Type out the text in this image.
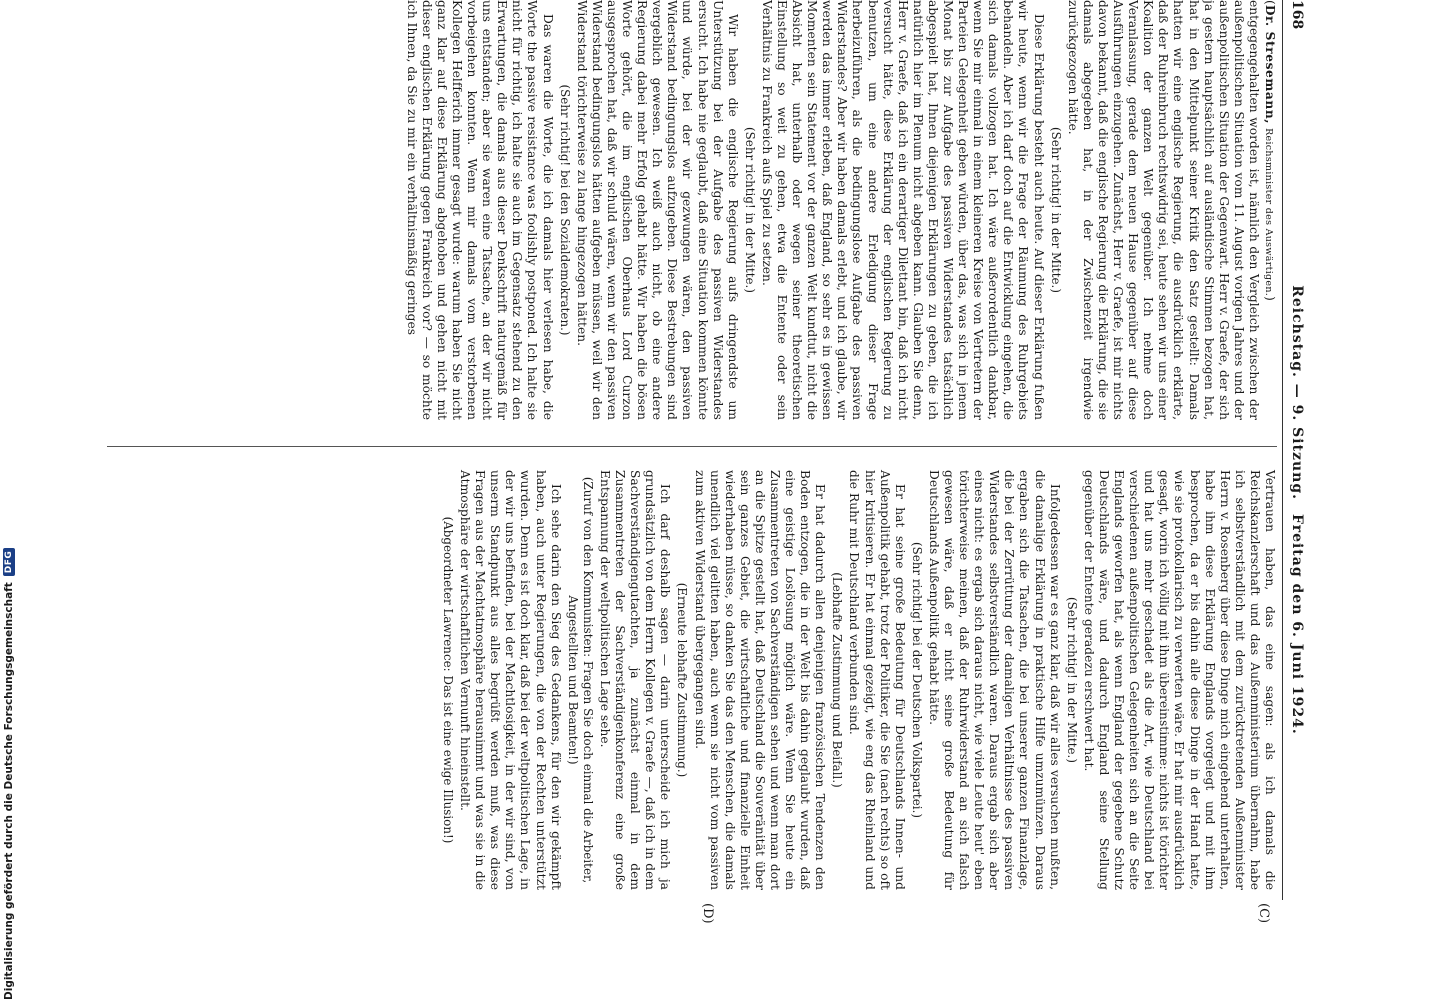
168
Reichstag. — 9. Sitzung.
Freitag den 6. Juni 1924.
(C)
(D)

(Dr. Stresemann, Reichsminister des Auswärtigen.)

entgegengehalten worden ist, nämlich den Vergleich zwischen der außenpolitischen Situation vom 11. August vorigen Jahres und der außenpolitischen Situation der Gegenwart. Herr v. Graefe, der sich ja gestern hauptsächlich auf ausländische Stimmen bezogen hat, hat in den Mittelpunkt seiner Kritik den Satz gestellt: Damals hatten wir eine englische Regierung, die ausdrücklich erklärte, daß der Ruhreinbruch rechtswidrig sei, heute sehen wir uns einer Koalition der ganzen Welt gegenüber. Ich nehme doch Veranlassung, gerade dem neuen Hause gegenüber auf diese Ausführungen einzugehen. Zunächst, Herr v. Graefe, ist mir nichts davon bekannt, daß die englische Regierung die Erklärung, die sie damals abgegeben hat, in der Zwischenzeit irgendwie zurückgezogen hätte.

(Sehr richtig! in der Mitte.)

Diese Erklärung besteht auch heute. Auf dieser Erklärung fußen wir heute, wenn wir die Frage der Räumung des Ruhrgebiets behandeln. Aber ich darf doch auf die Entwicklung eingehen, die sich damals vollzogen hat. Ich wäre außerordentlich dankbar, wenn Sie mir einmal in einem kleineren Kreise von Vertretern der Parteien Gelegenheit geben würden, über das, was sich in jenem Monat bis zur Aufgabe des passiven Widerstandes tatsächlich abgespielt hat, Ihnen diejenigen Erklärungen zu geben, die ich natürlich hier im Plenum nicht abgeben kann. Glauben Sie denn, Herr v. Graefe, daß ich ein derartiger Dilettant bin, daß ich nicht versucht hätte, diese Erklärung der englischen Regierung zu benutzen, um eine andere Erledigung dieser Frage herbeizuführen, als die bedingungslose Aufgabe des passiven Widerstandes? Aber wir haben damals erlebt, und ich glaube, wir werden das immer erleben, daß England, so sehr es in gewissen Momenten sein Statement vor der ganzen Welt kundtut, nicht die Absicht hat, unterhalb oder wegen seiner theoretischen Einstellung so weit zu gehen, etwa die Entente oder sein Verhältnis zu Frankreich aufs Spiel zu setzen.

(Sehr richtig! in der Mitte.)

Wir haben die englische Regierung aufs dringendste um Unterstützung bei der Aufgabe des passiven Widerstandes ersucht. Ich habe nie geglaubt, daß eine Situation kommen könnte und würde, bei der wir gezwungen wären, den passiven Widerstand bedingungslos aufzugeben. Diese Bestrebungen sind vergeblich gewesen. Ich weiß auch nicht, ob eine andere Regierung dabei mehr Erfolg gehabt hätte. Wir haben die bösen Worte gehört, die im englischen Oberhaus Lord Curzon ausgesprochen hat, daß wir schuld wären, wenn wir den passiven Widerstand bedingungslos hätten aufgeben müssen, weil wir den Widerstand törichterweise zu lange hingezogen hätten.

(Sehr richtig! bei den Sozialdemokraten.)

Das waren die Worte, die ich damals hier verlesen habe, die Worte the passive resistance was foolishly postponed. Ich halte sie nicht für richtig, ich halte sie auch im Gegensatz stehend zu den Erwartungen, die damals aus dieser Denkschrift naturgemäß für uns entstanden; aber sie waren eine Tatsache, an der wir nicht vorbeigehen konnten. Wenn mir damals vom verstorbenen Kollegen Helfferich immer gesagt wurde: warum haben Sie nicht ganz klar auf diese Erklärung abgehoben und gehen nicht mit dieser englischen Erklärung gegen Frankreich vor? — so möchte ich Ihnen, da Sie zu mir ein verhältnismäßig geringes

Vertrauen haben, das eine sagen: als ich damals die Reichskanzlerschaft und das Außenministerium übernahm, habe ich selbstverständlich mit dem zurücktretenden Außenminister Herrn v. Rosenberg über diese Dinge mich eingehend unterhalten, habe ihm diese Erklärung Englands vorgelegt und mit ihm besprochen, da er bis dahin alle diese Dinge in der Hand hatte, wie sie protokollarisch zu verwerten wäre. Er hat mir ausdrücklich gesagt, worin ich völlig mit ihm übereinstimme: nichts ist törichter und hat uns mehr geschadet als die Art, wie Deutschland bei verschiedenen außenpolitischen Gelegenheiten sich an die Seite Englands geworfen hat, als wenn England der gegebene Schutz Deutschlands wäre, und dadurch England seine Stellung gegenüber der Entente geradezu erschwert hat.

(Sehr richtig! in der Mitte.)

Infolgedessen war es ganz klar, daß wir alles versuchen mußten, die damalige Erklärung in praktische Hilfe umzumünzen. Daraus ergaben sich die Tatsachen, die bei unserer ganzen Finanzlage, die bei der Zerrüttung der damaligen Verhältnisse des passiven Widerstandes selbstverständlich waren. Daraus ergab sich aber eines nicht: es ergab sich daraus nicht, wie viele Leute heut' eben törichterweise meinen, daß der Ruhrwiderstand an sich falsch gewesen wäre, daß er nicht seine große Bedeutung für Deutschlands Außenpolitik gehabt hätte.

(Sehr richtig! bei der Deutschen Volkspartei.)

Er hat seine große Bedeutung für Deutschlands Innen- und Außenpolitik gehabt, trotz der Politiker, die Sie (nach rechts) so oft hier kritisieren. Er hat einmal gezeigt, wie eng das Rheinland und die Ruhr mit Deutschland verbunden sind.

(Lebhafte Zustimmung und Beifall.)

Er hat dadurch allen denjenigen französischen Tendenzen den Boden entzogen, die in der Welt bis dahin geglaubt wurden, daß eine geistige Loslösung möglich wäre. Wenn Sie heute ein Zusammentreten von Sachverständigen sehen und wenn man dort an die Spitze gestellt hat, daß Deutschland die Souveränität über sein ganzes Gebiet, die wirtschaftliche und finanzielle Einheit wiederhaben müsse, so danken Sie das den Menschen, die damals unendlich viel gelitten haben, auch wenn sie nicht vom passiven zum aktiven Widerstand übergegangen sind.

(Erneute lebhafte Zustimmung.)

Ich darf deshalb sagen — darin unterscheide ich mich ja grundsätzlich von dem Herrn Kollegen v. Graefe —, daß ich in dem Sachverständigengutachten, ja zunächst einmal in dem Zusammentreten der Sachverständigenkonferenz eine große Entspannung der weltpolitischen Lage sehe.

(Zuruf von den Kommunisten: Fragen Sie doch einmal die Arbeiter, Angestellten und Beamten!)

Ich sehe darin den Sieg des Gedankens, für den wir gekämpft haben, auch unter Regierungen, die von der Rechten unterstützt wurden. Denn es ist doch klar, daß bei der weltpolitischen Lage, in der wir uns befinden, bei der Machtlosigkeit, in der wir sind, von unserm Standpunkt aus alles begrüßt werden muß, was diese Fragen aus der Machtatmosphäre herausnimmt und was sie in die Atmosphäre der wirtschaftlichen Vernunft hineinstellt.

(Abgeordneter Lawrence: Das ist eine ewige Illusion!)

Digitalisierung gefördert durch die Deutsche Forschungsgemeinschaft
DFG
